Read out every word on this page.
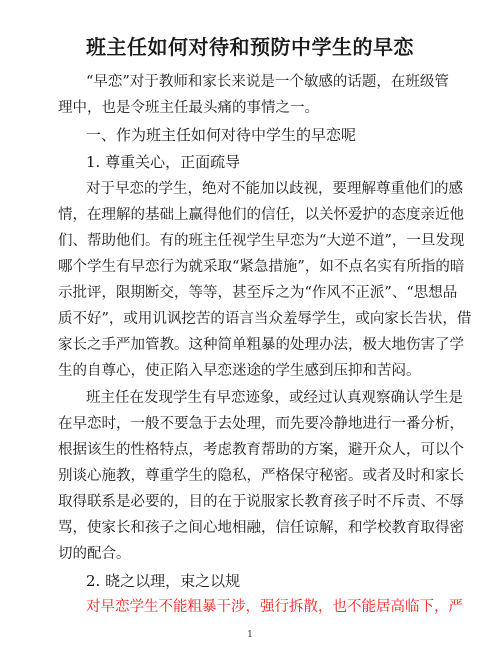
班主任如何对待和预防中学生的早恋
“早恋”对于教师和家长来说是一个敏感的话题，在班级管
理中，也是令班主任最头痛的事情之一。
一、作为班主任如何对待中学生的早恋呢
1. 尊重关心，正面疏导
对于早恋的学生，绝对不能加以歧视，要理解尊重他们的感
情，在理解的基础上赢得他们的信任，以关怀爱护的态度亲近他
们、帮助他们。有的班主任视学生早恋为“大逆不道”，一旦发现
哪个学生有早恋行为就采取“紧急措施”，如不点名实有所指的暗
示批评，限期断交，等等，甚至斥之为“作风不正派”、“思想品
质不好”，或用讥讽挖苦的语言当众羞辱学生，或向家长告状，借
家长之手严加管教。这种简单粗暴的处理办法，极大地伤害了学
生的自尊心，使正陷入早恋迷途的学生感到压抑和苦闷。
班主任在发现学生有早恋迹象，或经过认真观察确认学生是
在早恋时，一般不要急于去处理，而先要冷静地进行一番分析，
根据该生的性格特点，考虑教育帮助的方案，避开众人，可以个
别谈心施教，尊重学生的隐私，严格保守秘密。或者及时和家长
取得联系是必要的，目的在于说服家长教育孩子时不斥责、不辱
骂，使家长和孩子之间心地相融，信任谅解，和学校教育取得密
切的配合。
2. 晓之以理，束之以规
对早恋学生不能粗暴干涉，强行拆散，也不能居高临下，严
1
